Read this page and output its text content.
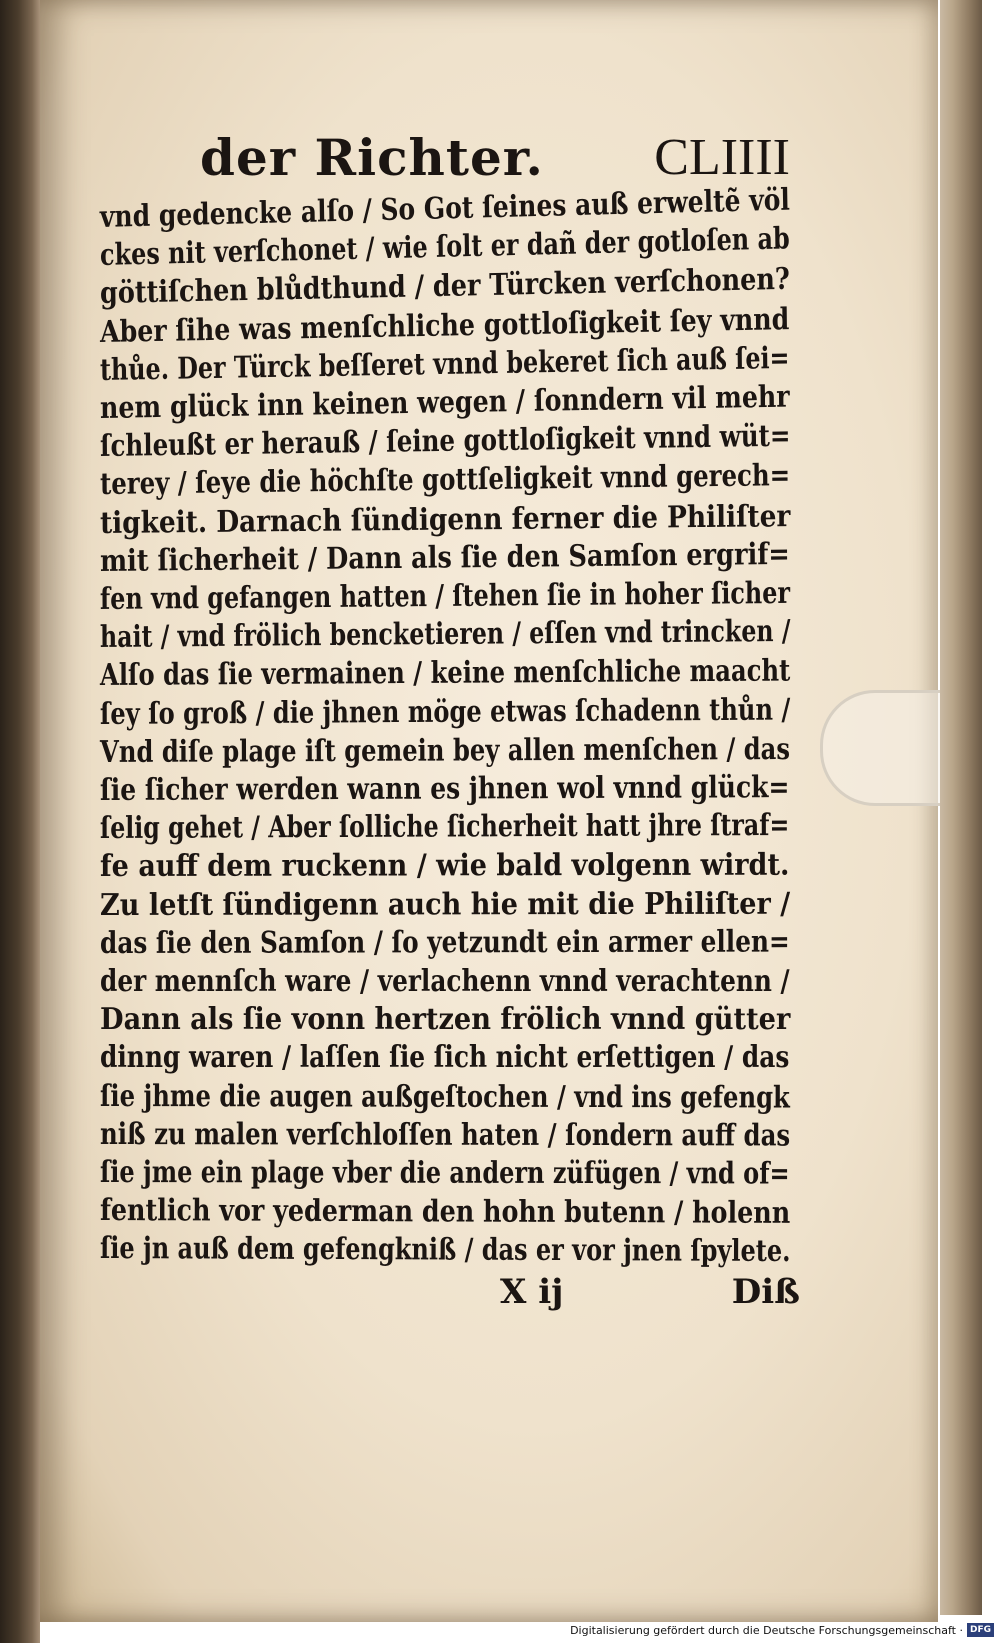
der Richter. CLIIII
vnd gedencke alſo / So Got ſeines auß erweltẽ völ
ckes nit verſchonet / wie ſolt er dañ der gotloſen ab
göttiſchen blůdthund / der Türcken verſchonen?
Aber ſihe was menſchliche gottloſigkeit ſey vnnd
thůe. Der Türck beſſeret vnnd bekeret ſich auß ſei=
nem glück inn keinen wegen / ſonndern vil mehr
ſchleußt er herauß / ſeine gottloſigkeit vnnd wüt=
terey / ſeye die höchſte gottſeligkeit vnnd gerech=
tigkeit. Darnach ſündigenn ferner die Philiſter
mit ſicherheit / Dann als ſie den Samſon ergrif=
fen vnd gefangen hatten / ſtehen ſie in hoher ſicher
hait / vnd frölich bencketieren / eſſen vnd trincken /
Alſo das ſie vermainen / keine menſchliche maacht
ſey ſo groß / die jhnen möge etwas ſchadenn thůn /
Vnd diſe plage iſt gemein bey allen menſchen / das
ſie ſicher werden wann es jhnen wol vnnd glück=
ſelig gehet / Aber ſolliche ſicherheit hatt jhre ſtraf=
fe auff dem ruckenn / wie bald volgenn wirdt.
Zu letſt ſündigenn auch hie mit die Philiſter /
das ſie den Samſon / ſo yetzundt ein armer ellen=
der mennſch ware / verlachenn vnnd verachtenn /
Dann als ſie vonn hertzen frölich vnnd gütter
dinng waren / laſſen ſie ſich nicht erſettigen / das
ſie jhme die augen außgeſtochen / vnd ins gefengk
niß zu malen verſchloſſen haten / ſondern auff das
ſie jme ein plage vber die andern züfügen / vnd of=
fentlich vor yederman den hohn butenn / holenn
ſie jn auß dem gefengkniß / das er vor jnen ſpylete.
X ij	Diß
Digitalisierung gefördert durch die Deutsche Forschungsgemeinschaft · DFG
